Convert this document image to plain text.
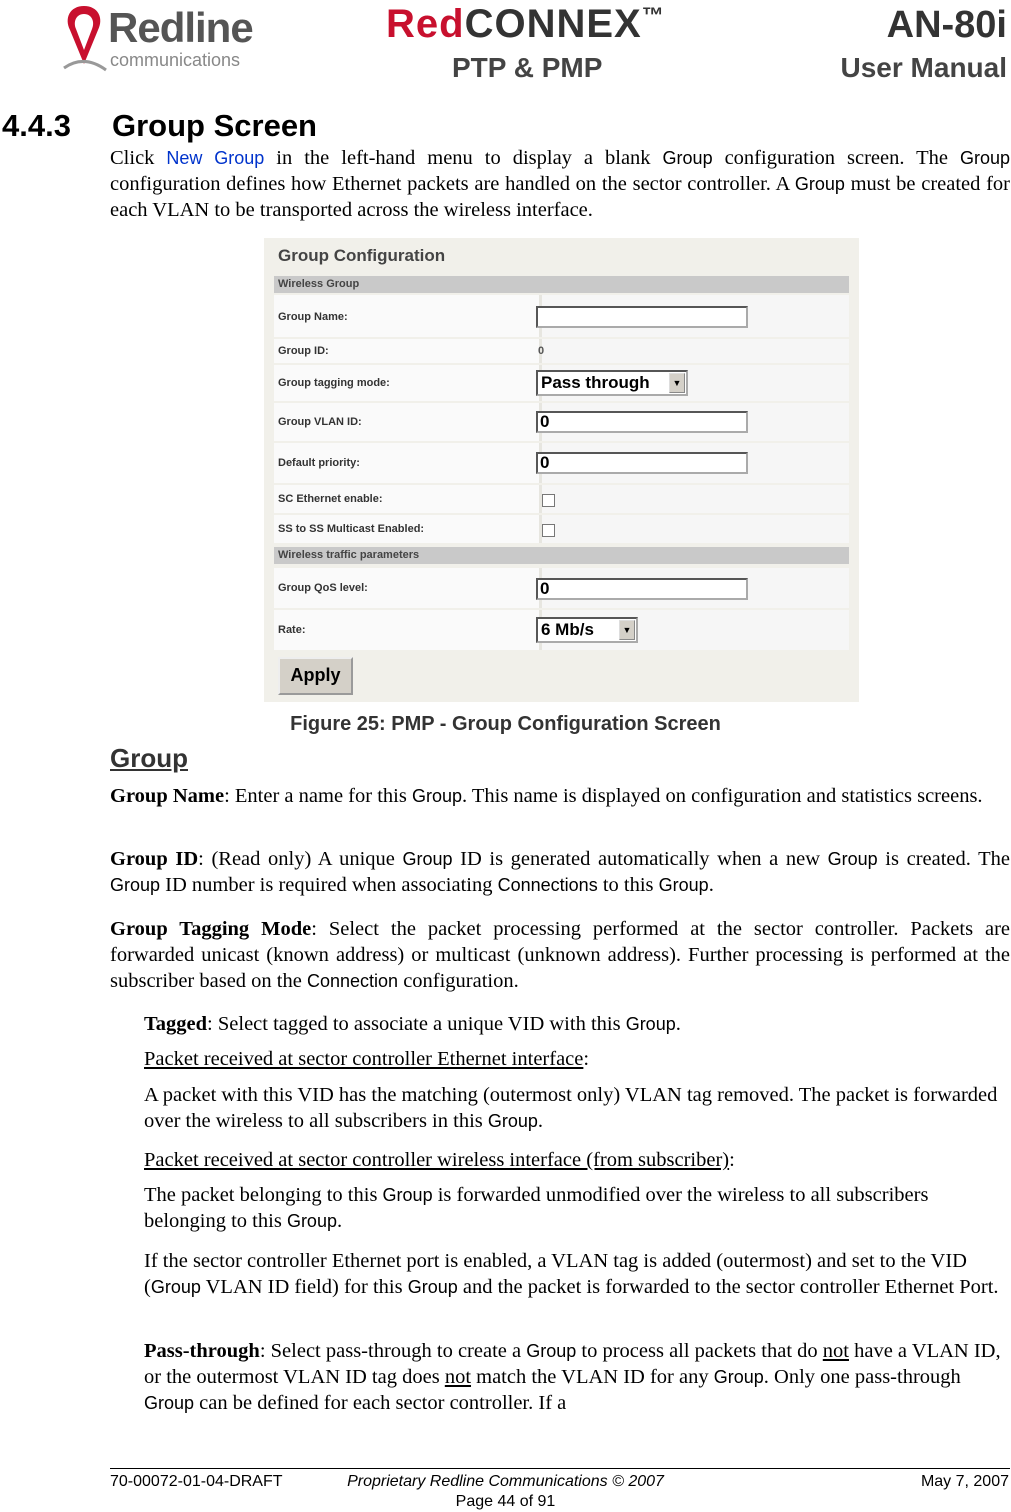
Redline
communications
RedCONNEX™	AN-80i
PTP & PMP	User Manual
4.4.3 Group Screen
Click New Group in the left-hand menu to display a blank Group configuration screen. The Group configuration defines how Ethernet packets are handled on the sector controller. A Group must be created for each VLAN to be transported across the wireless interface.
Group Configuration
Wireless Group
Group Name:
Group ID:	0
Group tagging mode:	Pass through	▼
Group VLAN ID:	0
Default priority:	0
SC Ethernet enable:
SS to SS Multicast Enabled:
Wireless traffic parameters
Group QoS level:	0
Rate:	6 Mb/s	▼
Apply
Figure 25: PMP - Group Configuration Screen
Group
Group Name: Enter a name for this Group. This name is displayed on configuration and statistics screens.
Group ID: (Read only) A unique Group ID is generated automatically when a new Group is created. The Group ID number is required when associating Connections to this Group.
Group Tagging Mode: Select the packet processing performed at the sector controller. Packets are forwarded unicast (known address) or multicast (unknown address). Further processing is performed at the subscriber based on the Connection configuration.
Tagged: Select tagged to associate a unique VID with this Group.
Packet received at sector controller Ethernet interface:
A packet with this VID has the matching (outermost only) VLAN tag removed. The packet is forwarded over the wireless to all subscribers in this Group.
Packet received at sector controller wireless interface (from subscriber):
The packet belonging to this Group is forwarded unmodified over the wireless to all subscribers belonging to this Group.
If the sector controller Ethernet port is enabled, a VLAN tag is added (outermost) and set to the VID (Group VLAN ID field) for this Group and the packet is forwarded to the sector controller Ethernet Port.
Pass-through: Select pass-through to create a Group to process all packets that do not have a VLAN ID, or the outermost VLAN ID tag does not match the VLAN ID for any Group. Only one pass-through Group can be defined for each sector controller. If a
70-00072-01-04-DRAFT	Proprietary Redline Communications © 2007	May 7, 2007
Page 44 of 91
